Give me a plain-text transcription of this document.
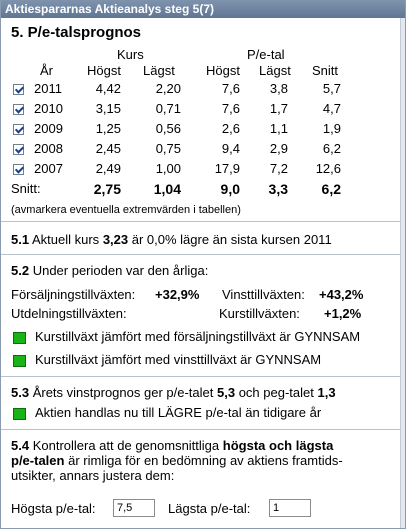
Aktiespararnas Aktieanalys steg 5(7)
5. P/e-talsprognos
Kurs	P/e-tal
År	Högst Lägst Högst Lägst Snitt
2011	4,42	2,20	7,6 3,8	5,7
2010	3,15	0,71	7,6 1,7	4,7
2009	1,25	0,56	2,6 1,1	1,9
2008	2,45	0,75	9,4 2,9	6,2
2007	2,49	1,00	17,9 7,2 12,6
Snitt:	2,75 1,04	9,0 3,3 6,2
(avmarkera eventuella extremvärden i tabellen)
5.1 Aktuell kurs 3,23 är 0,0% lägre än sista kursen 2011
5.2 Under perioden var den årliga:
Försäljningstillväxten: +32,9% Vinsttillväxten: +43,2%
Utdelningstillväxten:	Kurstillväxten: +1,2%
Kurstillväxt jämfört med försäljningstillväxt är GYNNSAM
Kurstillväxt jämfört med vinsttillväxt är GYNNSAM
5.3 Årets vinstprognos ger p/e-talet 5,3 och peg-talet 1,3
Aktien handlas nu till LÄGRE p/e-tal än tidigare år
5.4 Kontrollera att de genomsnittliga högsta och lägsta
p/e-talen är rimliga för en bedömning av aktiens framtids-
utsikter, annars justera dem:
Högsta p/e-tal:
7,5	Lägsta p/e-tal:
1
